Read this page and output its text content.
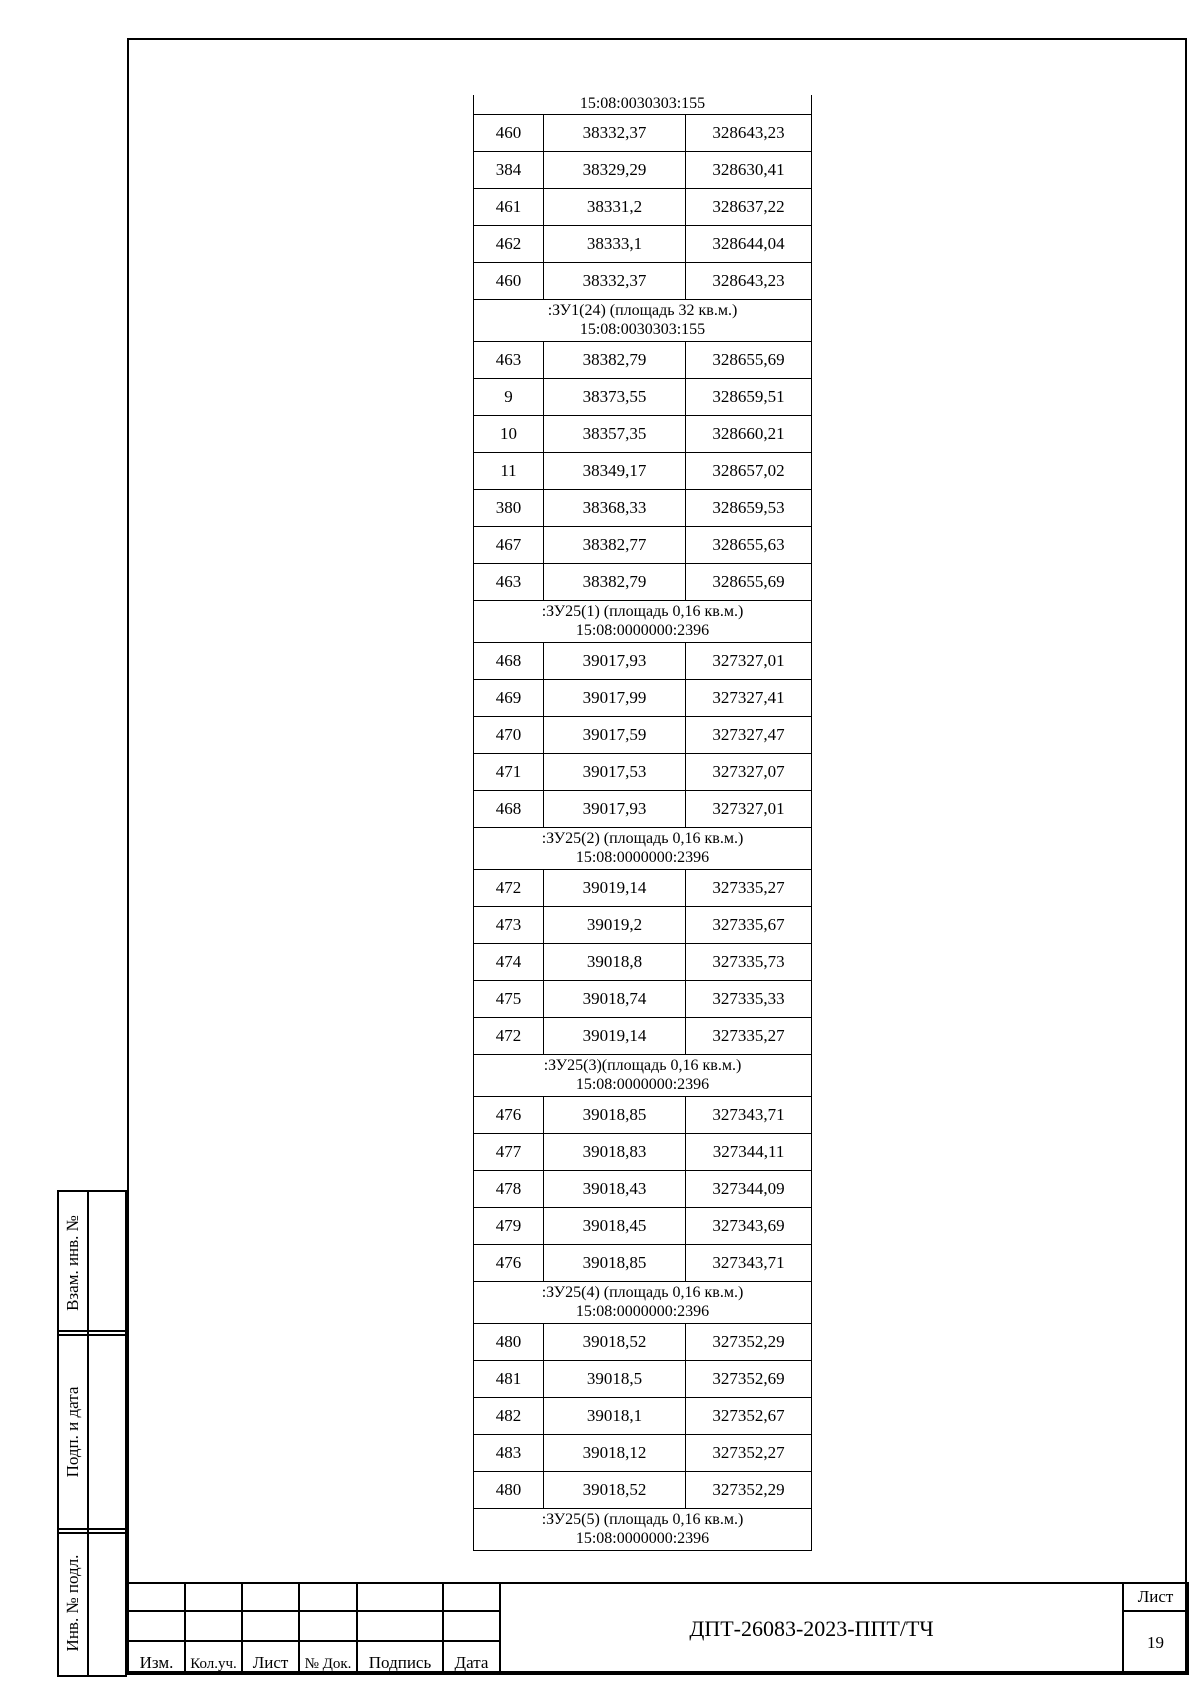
15:08:0030303:155		

460	38332,37	328643,23
384	38329,29	328630,41
461	38331,2	328637,22
462	38333,1	328644,04
460	38332,37	328643,23

:ЗУ1(24) (площадь 32 кв.м.)
15:08:0030303:155		

463	38382,79	328655,69
9	38373,55	328659,51
10	38357,35	328660,21
11	38349,17	328657,02
380	38368,33	328659,53
467	38382,77	328655,63
463	38382,79	328655,69

:ЗУ25(1) (площадь 0,16 кв.м.)
15:08:0000000:2396		

468	39017,93	327327,01
469	39017,99	327327,41
470	39017,59	327327,47
471	39017,53	327327,07
468	39017,93	327327,01

:ЗУ25(2) (площадь 0,16 кв.м.)
15:08:0000000:2396		

472	39019,14	327335,27
473	39019,2	327335,67
474	39018,8	327335,73
475	39018,74	327335,33
472	39019,14	327335,27

:ЗУ25(3)(площадь 0,16 кв.м.)
15:08:0000000:2396		

476	39018,85	327343,71
477	39018,83	327344,11
478	39018,43	327344,09
479	39018,45	327343,69
476	39018,85	327343,71

:ЗУ25(4) (площадь 0,16 кв.м.)
15:08:0000000:2396		

480	39018,52	327352,29
481	39018,5	327352,69
482	39018,1	327352,67
483	39018,12	327352,27
480	39018,52	327352,29

:ЗУ25(5) (площадь 0,16 кв.м.)
15:08:0000000:2396		
Взам. инв. №
Подп. и дата
Инв. № подл.
							ДПТ-26083-2023-ППТ/ТЧ	Лист
							19
Изм.	Кол.уч.	Лист	№ Док.	Подпись	Дата		
